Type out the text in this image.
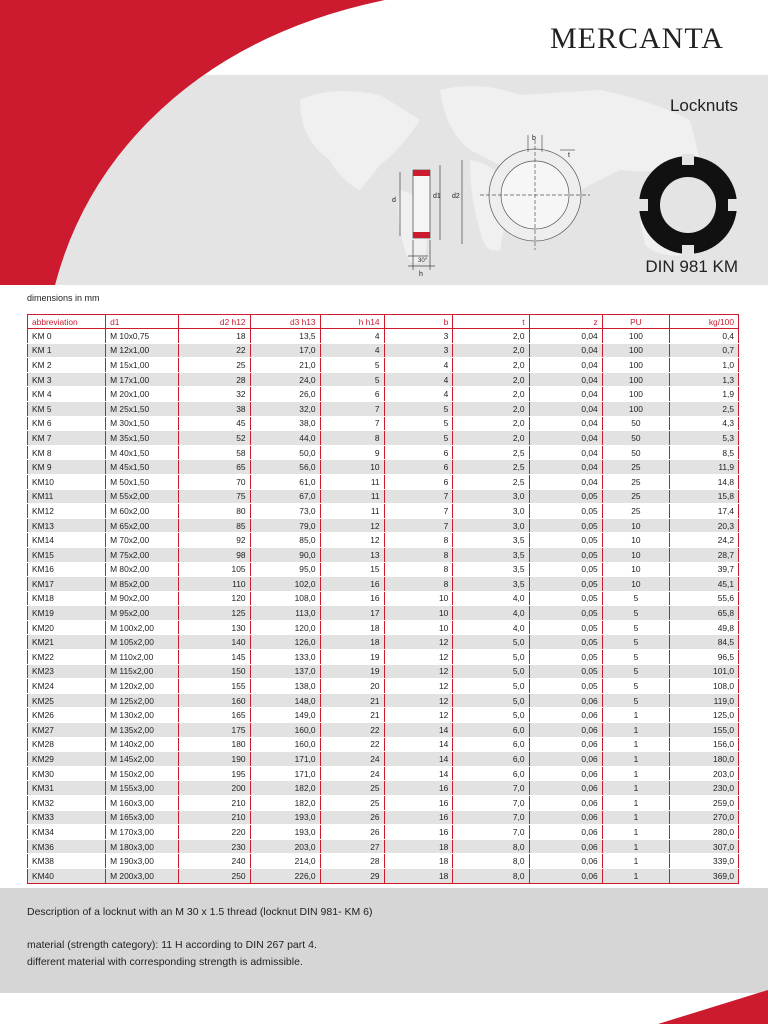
d
d1 d2
30°
h
b
t
MERCANTA
Locknuts
DIN 981 KM
dimensions in mm
abbreviation	d1	d2 h12	d3 h13	h h14	b	t	z	PU	kg/100
KM 0	M 10x0,75	18	13,5	4	3	2,0	0,04	100	0,4
KM 1	M 12x1,00	22	17,0	4	3	2,0	0,04	100	0,7
KM 2	M 15x1,00	25	21,0	5	4	2,0	0,04	100	1,0
KM 3	M 17x1,00	28	24,0	5	4	2,0	0,04	100	1,3
KM 4	M 20x1,00	32	26,0	6	4	2,0	0,04	100	1,9
KM 5	M 25x1,50	38	32,0	7	5	2,0	0,04	100	2,5
KM 6	M 30x1,50	45	38,0	7	5	2,0	0,04	50	4,3
KM 7	M 35x1,50	52	44,0	8	5	2,0	0,04	50	5,3
KM 8	M 40x1,50	58	50,0	9	6	2,5	0,04	50	8,5
KM 9	M 45x1,50	65	56,0	10	6	2,5	0,04	25	11,9
KM10	M 50x1,50	70	61,0	11	6	2,5	0,04	25	14,8
KM11	M 55x2,00	75	67,0	11	7	3,0	0,05	25	15,8
KM12	M 60x2,00	80	73,0	11	7	3,0	0,05	25	17,4
KM13	M 65x2,00	85	79,0	12	7	3,0	0,05	10	20,3
KM14	M 70x2,00	92	85,0	12	8	3,5	0,05	10	24,2
KM15	M 75x2,00	98	90,0	13	8	3,5	0,05	10	28,7
KM16	M 80x2,00	105	95,0	15	8	3,5	0,05	10	39,7
KM17	M 85x2,00	110	102,0	16	8	3,5	0,05	10	45,1
KM18	M 90x2,00	120	108,0	16	10	4,0	0,05	5	55,6
KM19	M 95x2,00	125	113,0	17	10	4,0	0,05	5	65,8
KM20	M 100x2,00	130	120,0	18	10	4,0	0,05	5	49,8
KM21	M 105x2,00	140	126,0	18	12	5,0	0,05	5	84,5
KM22	M 110x2,00	145	133,0	19	12	5,0	0,05	5	96,5
KM23	M 115x2,00	150	137,0	19	12	5,0	0,05	5	101,0
KM24	M 120x2,00	155	138,0	20	12	5,0	0,05	5	108,0
KM25	M 125x2,00	160	148,0	21	12	5,0	0,06	5	119,0
KM26	M 130x2,00	165	149,0	21	12	5,0	0,06	1	125,0
KM27	M 135x2,00	175	160,0	22	14	6,0	0,06	1	155,0
KM28	M 140x2,00	180	160,0	22	14	6,0	0,06	1	156,0
KM29	M 145x2,00	190	171,0	24	14	6,0	0,06	1	180,0
KM30	M 150x2,00	195	171,0	24	14	6,0	0,06	1	203,0
KM31	M 155x3,00	200	182,0	25	16	7,0	0,06	1	230,0
KM32	M 160x3,00	210	182,0	25	16	7,0	0,06	1	259,0
KM33	M 165x3,00	210	193,0	26	16	7,0	0,06	1	270,0
KM34	M 170x3,00	220	193,0	26	16	7,0	0,06	1	280,0
KM36	M 180x3,00	230	203,0	27	18	8,0	0,06	1	307,0
KM38	M 190x3,00	240	214,0	28	18	8,0	0,06	1	339,0
KM40	M 200x3,00	250	226,0	29	18	8,0	0,06	1	369,0

Description of a locknut with an M 30 x 1.5 thread (locknut DIN 981- KM 6)

material (strength category): 11 H according to DIN 267 part 4.

different material with corresponding strength is admissible.
